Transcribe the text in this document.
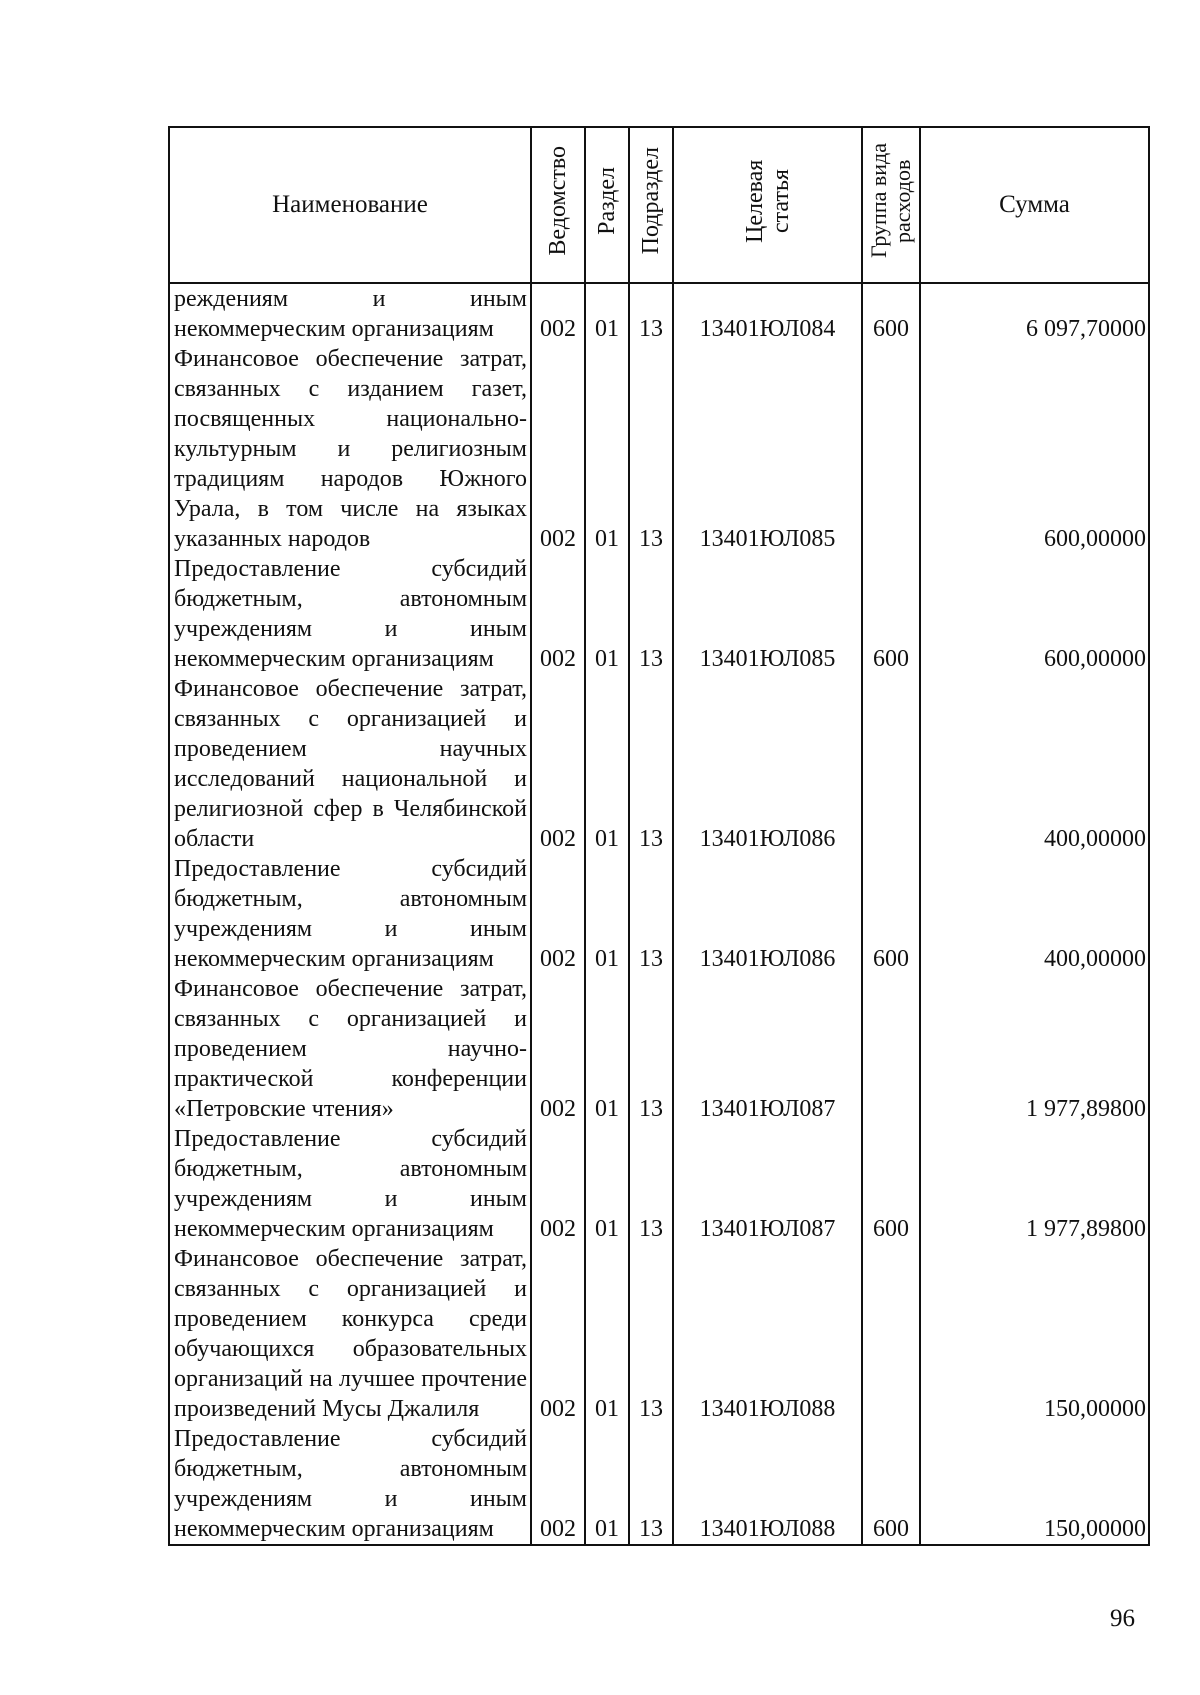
Наименование	Ведомство	Раздел	Подраздел	Целевая статья	Группа вида расходов	Сумма
реждениям и иным некоммерческим организациям	002	01	13	13401ЮЛ084	600	6 097,70000
Финансовое обеспечение затрат, связанных с изданием газет, посвященных национально-культурным и религиозным традициям народов Южного Урала, в том числе на языках указанных народов	002	01	13	13401ЮЛ085		600,00000
Предоставление субсидий бюджетным, автономным учреждениям и иным некоммерческим организациям	002	01	13	13401ЮЛ085	600	600,00000
Финансовое обеспечение затрат, связанных с организацией и проведением научных исследований национальной и религиозной сфер в Челябинской области	002	01	13	13401ЮЛ086		400,00000
Предоставление субсидий бюджетным, автономным учреждениям и иным некоммерческим организациям	002	01	13	13401ЮЛ086	600	400,00000
Финансовое обеспечение затрат, связанных с организацией и проведением научно-практической конференции «Петровские чтения»	002	01	13	13401ЮЛ087		1 977,89800
Предоставление субсидий бюджетным, автономным учреждениям и иным некоммерческим организациям	002	01	13	13401ЮЛ087	600	1 977,89800
Финансовое обеспечение затрат, связанных с организацией и проведением конкурса среди обучающихся образовательных организаций на лучшее прочтение произведений Мусы Джалиля	002	01	13	13401ЮЛ088		150,00000
Предоставление субсидий бюджетным, автономным учреждениям и иным некоммерческим организациям	002	01	13	13401ЮЛ088	600	150,00000
96
